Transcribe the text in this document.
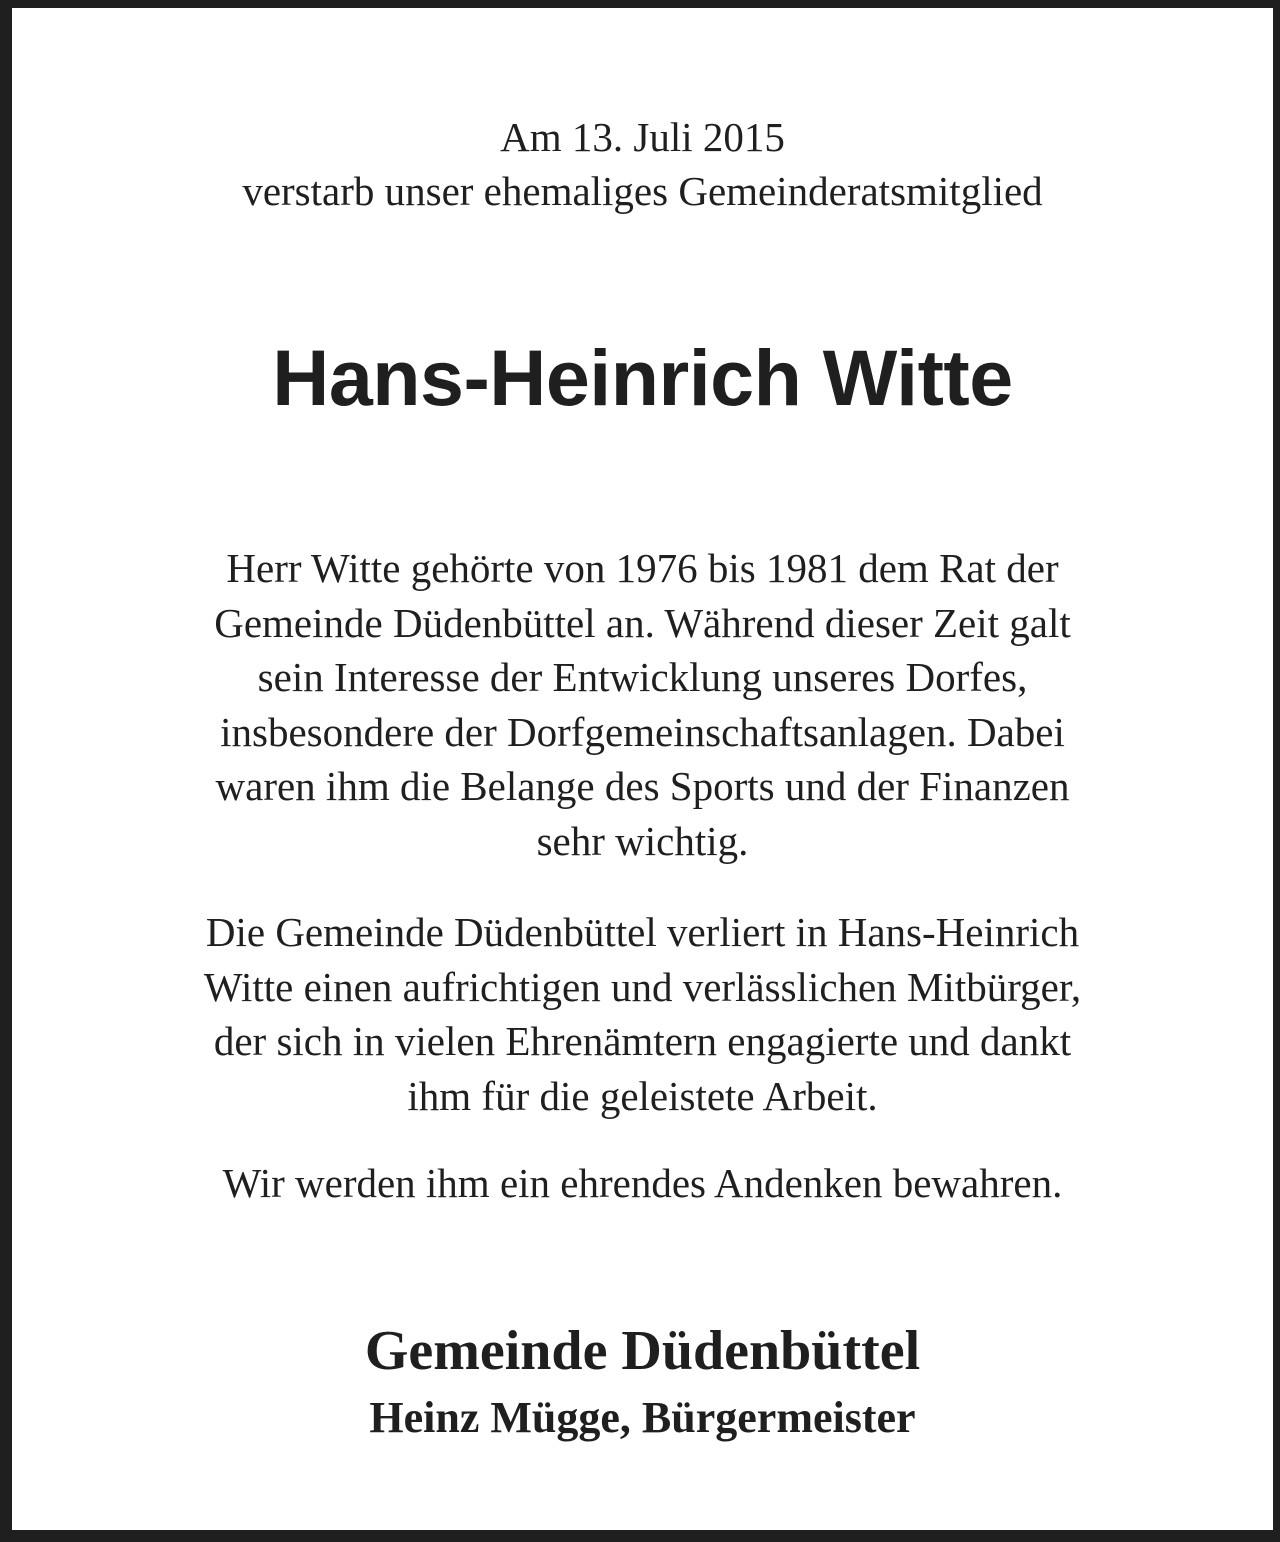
Am 13. Juli 2015

verstarb unser ehemaliges Gemeinderatsmitglied

Hans-Heinrich Witte
Herr Witte gehörte von 1976 bis 1981 dem Rat der
Gemeinde Düdenbüttel an. Während dieser Zeit galt
sein Interesse der Entwicklung unseres Dorfes,
insbesondere der Dorfgemeinschaftsanlagen. Dabei
waren ihm die Belange des Sports und der Finanzen
sehr wichtig.
Die Gemeinde Düdenbüttel verliert in Hans-Heinrich
Witte einen aufrichtigen und verlässlichen Mitbürger,
der sich in vielen Ehrenämtern engagierte und dankt
ihm für die geleistete Arbeit.
Wir werden ihm ein ehrendes Andenken bewahren.

Gemeinde Düdenbüttel

Heinz Mügge, Bürgermeister
